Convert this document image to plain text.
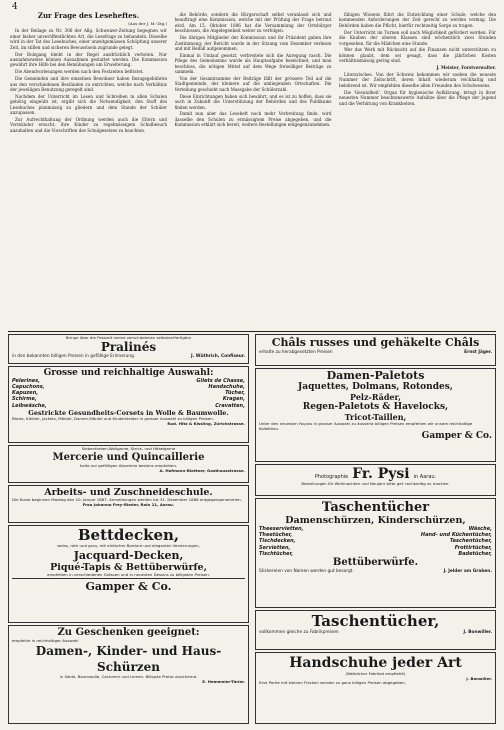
4
Zur Frage des Leseheftes.
(Aus der J. M.-Ztg.)

In der Beilage zu Nr. 306 der Allg. Schweizer-Zeitung begegnen wir einer bisher unveröffentlichten Art, die Lesefrage zu behandeln. Dieselbe wird in der Tat des Lesebuches, einer unzeitgemässen Schöpfung unserer Zeit, im stillen und sicheren Bewusstsein zugrunde gelegt.

Der Bolzgang bleibt in der Regel ausdrücklich verboten. Nur ausnahmsweise können Ausnahmen gestattet werden. Die Kommission gewährt ihre Hilfe bei den Bemühungen um Erweiterung.

Die Abendvorlesungen werden nach den Festzeiten befristet.

Die Gemeinden und ihre einzelnen Bewohner haben Bezugsgebühren aus den verschiedenen Beständen zu entrichten, welche nach Verhältnis der jeweiligen Benutzung geregelt sind.

Nachdem der Unterricht im Lesen und Schreiben in allen Schulen gehörig eingeübt ist, ergibt sich die Notwendigkeit, den Stoff des Lesebuches planmässig zu gliedern und dem Stande der Schüler anzupassen.

Zur Aufrechthaltung der Ordnung werden auch die Eltern und Vormünder ersucht, ihre Kinder zu regelmässigem Schulbesuch anzuhalten und die Vorschriften des Schulgesetzes zu beachten.

die Behörde, sondern die Bürgerschaft selbst veranlasst sich und beauftragt eine Kommission, welche mit der Prüfung der Frage betraut wird. Am 15. Oktober 1886 hat die Versammlung der Ortsbürger beschlossen, die Angelegenheit weiter zu verfolgen.

Die übrigen Mitglieder der Kommission und ihr Präsident gaben ihre Zustimmung; der Bericht wurde in der Sitzung vom Dezember verlesen und mit Beifall aufgenommen.

Einmal in Umlauf gesetzt, verbreitete sich die Anregung rasch. Die Pflege des Gemeinsinns wurde als Hauptaufgabe bezeichnet, und man beschloss, die nötigen Mittel auf dem Wege freiwilliger Beiträge zu sammeln.

Von der Gesamtsumme der Beiträge fällt der grössere Teil auf die Stadtgemeinde, der kleinere auf die umliegenden Ortschaften. Die Verteilung geschieht nach Massgabe der Schülerzahl.

Diese Einrichtungen haben sich bewährt, und es ist zu hoffen, dass sie auch in Zukunft die Unterstützung der Behörden und des Publikums finden werden.

Damit nun aber das Leseheft noch mehr Verbreitung finde, wird dasselbe den Schulen zu ermässigtem Preise abgegeben, und die Kommission erklärt sich bereit, weitere Bestellungen entgegenzunehmen.

fähigen Wissens führt die Entwicklung einer Schule, welche den kommenden Anforderungen der Zeit gerecht zu werden vermag. Die Behörden haben die Pflicht, hierfür rechtzeitig Sorge zu tragen.

Der Unterricht im Turnen soll nach Möglichkeit gefördert werden. Für die Knaben der oberen Klassen sind wöchentlich zwei Stunden vorgesehen, für die Mädchen eine Stunde.

Wer das Werk mit Rücksicht auf die Finanzen nicht unterstützen zu können glaubt, dem sei gesagt, dass die jährlichen Kosten verhältnismässig gering sind.

J. Meister, Forstverwalter.

Literarisches. Von der Schweiz bekommen wir soeben die neueste Nummer der Zeitschrift, deren Inhalt wiederum reichhaltig und belehrend ist. Wir empfehlen dieselbe allen Freunden des Schulwesens.

Die 'Gesundheit', Organ für hygienische Aufklärung, bringt in ihrer neuesten Nummer beachtenswerte Aufsätze über die Pflege der Jugend und die Verhütung von Krankheiten.

Bringe über die Festzeit meine verschiedenen selbstverfertigten
Pralinés
in den bekannten billigen Preisen in gefällige Erinnerung.	J. Wüthrich, Confiseur.
Grosse und reichhaltige Auswahl:
Pelerines,	Gilets de Chasse,
Capuchons,	Handschuhe,
Kapuzen,	Tücher,
Schirme,	Kragen,
Leibwäsche,	Cravatten,
Gestrickte Gesundheits-Corsets in Wolle & Baumwolle.
Röcke, Kleider, Jackets, Mäntel, Damen-Mäntel und Kinderkleider in grosser Auswahl zu billigen Preisen.
Rud. Hitz & Kissling, Zürichstrasse.
Siebenfarben-Wollgarne, Strick- und Häkelgarne
Mercerie und Quincaillerie
halte zur gefälligen Abnahme bestens empfohlen.
A. Hofmann-Blattner, Gasthausstrasse.
Arbeits- und Zuschneideschule.
Die Kurse beginnen Montag den 10. Januar 1887. Anmeldungen werden bis 31. Dezember 1886 entgegengenommen.
Frau Johanna Frey-Rieder, Rain 11, Aarau.
Bettdecken,
weiss, roth und grau, mit einfacher Bordure und eleganten Verzierungen,
Jacquard-Decken,
Piqué-Tapis & Bettüberwürfe,
empfehlen in verschiedenen Grössen und in neuesten Dessins zu billigsten Preisen.
Gamper & Co.
Zu Geschenken geeignet:
empfehle in reichhaltiger Auswahl
Damen-, Kinder- und Haus-Schürzen
in Seide, Baumwolle, Cachemir und Leinen. Billigste Preise zusichernd.
E. Hemmeler-Tärler.
Châls russes und gehäkelte Châls
erhalte zu herabgesetzten Preisen	Ernst Jäger.
Damen-Paletots
Jaquettes, Dolmans, Rotondes,
Pelz-Räder,
Regen-Paletots & Havelocks,
Tricot-Taillen,
Unter den neuesten Façons in grosser Auswahl zu äusserst billigen Preisen empfehlen wir unsere reichhaltige Kollektion.
Gamper & Co.
Photographie Fr. Pysi in Aarau.
Bestellungen für Weihnachten und Neujahr bitte gef. rechtzeitig zu machen.
Taschentücher
Damenschürzen, Kinderschürzen,
Theeservietten,	Wäsche,
Theetücher,	Hand- und Küchentücher,
Tischdecken,	Taschentücher,
Servietten,	Frottirtücher,
Tischtücher,	Badetücher,
Bettüberwürfe.
Stickereien von Namen werden gut besorgt.	J. Jelder am Graben.
Taschentücher,
vollkommen gleiche zu Fabrikpreisen	J. Bonwiller.
Handschuhe jeder Art
(Weiblicher Fabrikat empfiehlt)
J. Bonwiller.
Eine Partie mit kleinen Flecken werden zu ganz billigen Preisen abgegeben.
